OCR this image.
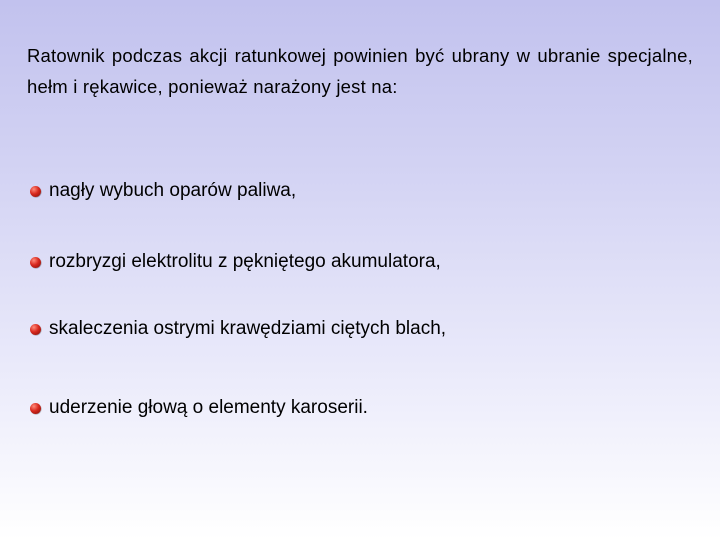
Ratownik podczas akcji ratunkowej powinien być ubrany w ubranie specjalne, hełm i rękawice, ponieważ narażony jest na:

nagły wybuch oparów paliwa,
rozbryzgi elektrolitu z pękniętego akumulatora,
skaleczenia ostrymi krawędziami ciętych blach,
uderzenie głową o elementy karoserii.
